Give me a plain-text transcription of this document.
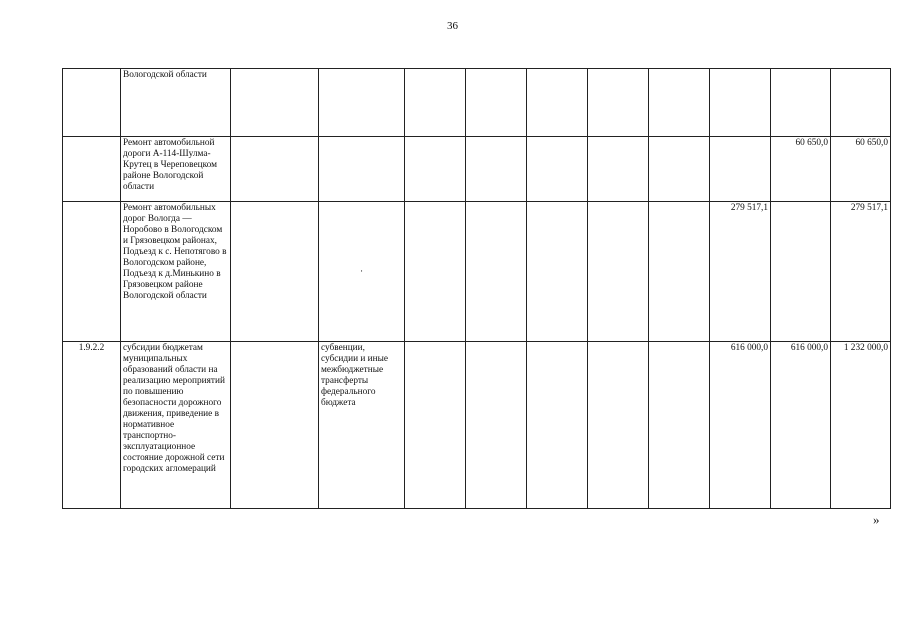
36
	Вологодской области										
	Ремонт автомобильной дороги А-114-Шулма-Крутец в Череповецком районе Вологодской области									60 650,0	60 650,0
	Ремонт автомобильных дорог Вологда — Норобово в Вологодском и Грязовецком районах, Подъезд к с. Непотягово в Вологодском районе, Подъезд к д.Минькино в Грязовецком районе Вологодской области		·						279 517,1		279 517,1
1.9.2.2	субсидии бюджетам муниципальных образований области на реализацию мероприятий по повышению безопасности дорожного движения, приведение в нормативное транспортно-эксплуатационное состояние дорожной сети городских агломераций		субвенции, субсидии и иные межбюджетные трансферты федерального бюджета						616 000,0	616 000,0	1 232 000,0
»
